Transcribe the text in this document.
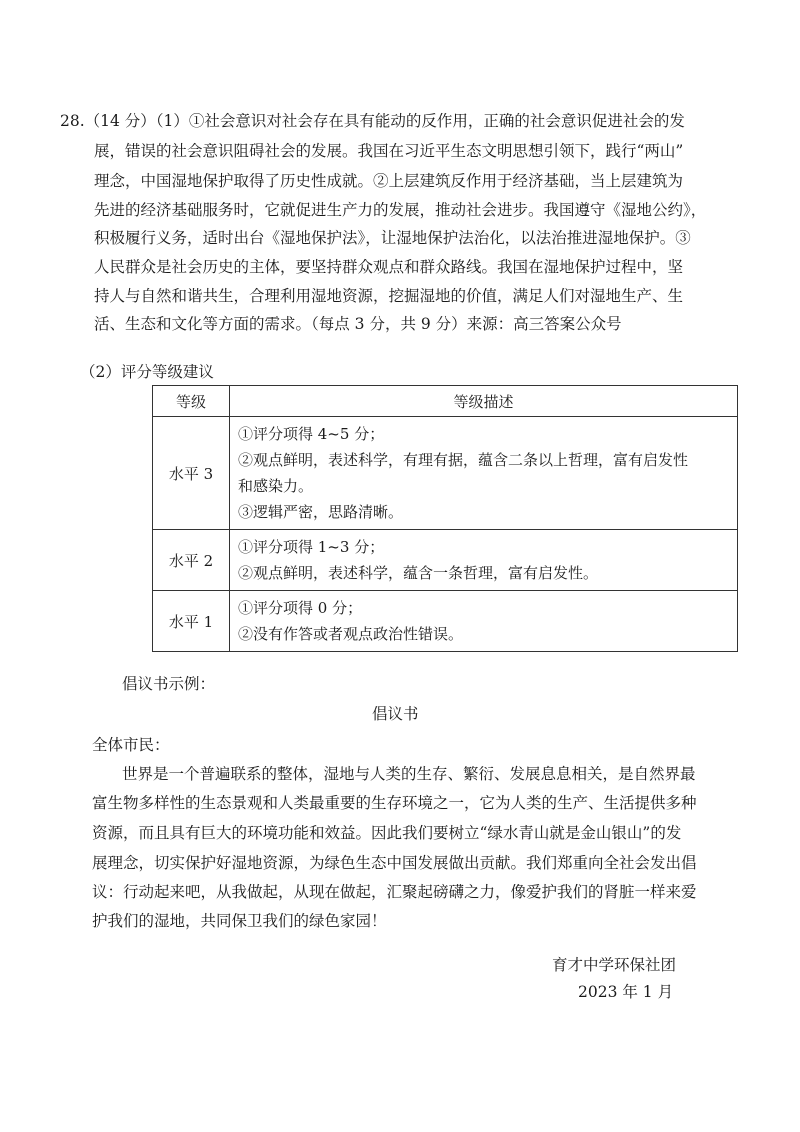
28.（14 分）（1）①社会意识对社会存在具有能动的反作用，正确的社会意识促进社会的发
展，错误的社会意识阻碍社会的发展。我国在习近平生态文明思想引领下，践行“两山”
理念，中国湿地保护取得了历史性成就。②上层建筑反作用于经济基础，当上层建筑为
先进的经济基础服务时，它就促进生产力的发展，推动社会进步。我国遵守《湿地公约》，
积极履行义务，适时出台《湿地保护法》，让湿地保护法治化，以法治推进湿地保护。③
人民群众是社会历史的主体，要坚持群众观点和群众路线。我国在湿地保护过程中，坚
持人与自然和谐共生，合理利用湿地资源，挖掘湿地的价值，满足人们对湿地生产、生
活、生态和文化等方面的需求。（每点 3 分，共 9 分）来源：高三答案公众号
（2）评分等级建议
等级	等级描述
水平 3	①评分项得 4~5 分；
②观点鲜明，表述科学，有理有据，蕴含二条以上哲理，富有启发性
和感染力。
③逻辑严密，思路清晰。

水平 2	①评分项得 1~3 分；
②观点鲜明，表述科学，蕴含一条哲理，富有启发性。

水平 1	①评分项得 0 分；
②没有作答或者观点政治性错误。
倡议书示例：
倡议书
全体市民：
世界是一个普遍联系的整体，湿地与人类的生存、繁衍、发展息息相关，是自然界最
富生物多样性的生态景观和人类最重要的生存环境之一，它为人类的生产、生活提供多种
资源，而且具有巨大的环境功能和效益。因此我们要树立“绿水青山就是金山银山”的发
展理念，切实保护好湿地资源，为绿色生态中国发展做出贡献。我们郑重向全社会发出倡
议：行动起来吧，从我做起，从现在做起，汇聚起磅礴之力，像爱护我们的肾脏一样来爱
护我们的湿地，共同保卫我们的绿色家园！
育才中学环保社团
2023 年 1 月
